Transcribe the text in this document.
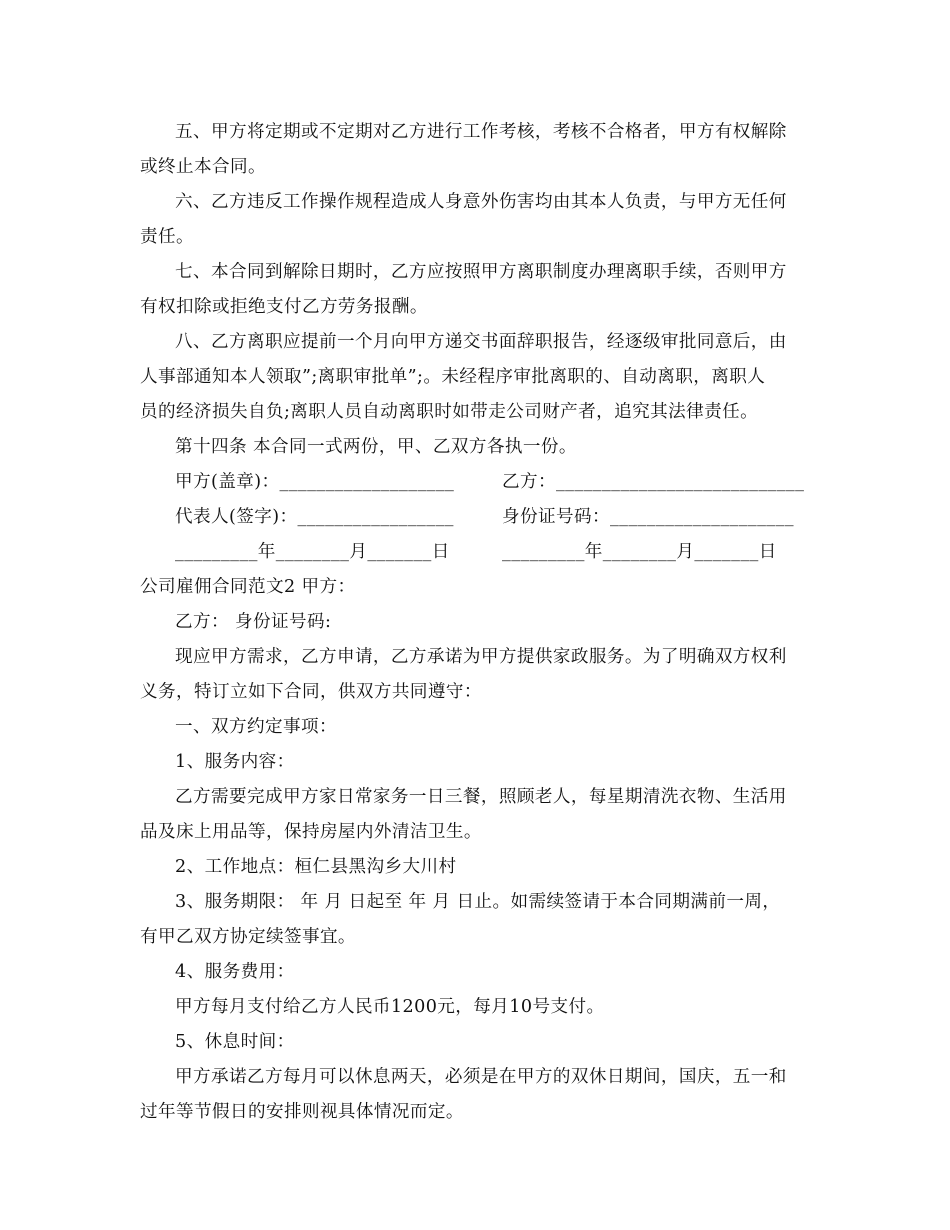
五、甲方将定期或不定期对乙方进行工作考核，考核不合格者，甲方有权解除
或终止本合同。
六、乙方违反工作操作规程造成人身意外伤害均由其本人负责，与甲方无任何
责任。
七、本合同到解除日期时，乙方应按照甲方离职制度办理离职手续，否则甲方
有权扣除或拒绝支付乙方劳务报酬。
八、乙方离职应提前一个月向甲方递交书面辞职报告，经逐级审批同意后，由
人事部通知本人领取”;离职审批单”;。未经程序审批离职的、自动离职，离职人
员的经济损失自负;离职人员自动离职时如带走公司财产者，追究其法律责任。
第十四条 本合同一式两份，甲、乙双方各执一份。
甲方(盖章)：___________________	乙方：___________________________
代表人(签字)：_________________	身份证号码：____________________
_________年________月_______日	_________年________月_______日
公司雇佣合同范文2 甲方：
乙方： 身份证号码:
现应甲方需求，乙方申请，乙方承诺为甲方提供家政服务。为了明确双方权利
义务，特订立如下合同，供双方共同遵守：
一、双方约定事项：
1、服务内容：
乙方需要完成甲方家日常家务一日三餐，照顾老人，每星期清洗衣物、生活用
品及床上用品等，保持房屋内外清洁卫生。
2、工作地点：桓仁县黑沟乡大川村
3、服务期限： 年 月 日起至 年 月 日止。如需续签请于本合同期满前一周，
有甲乙双方协定续签事宜。
4、服务费用：
甲方每月支付给乙方人民币1200元，每月10号支付。
5、休息时间：
甲方承诺乙方每月可以休息两天，必须是在甲方的双休日期间，国庆，五一和
过年等节假日的安排则视具体情况而定。
